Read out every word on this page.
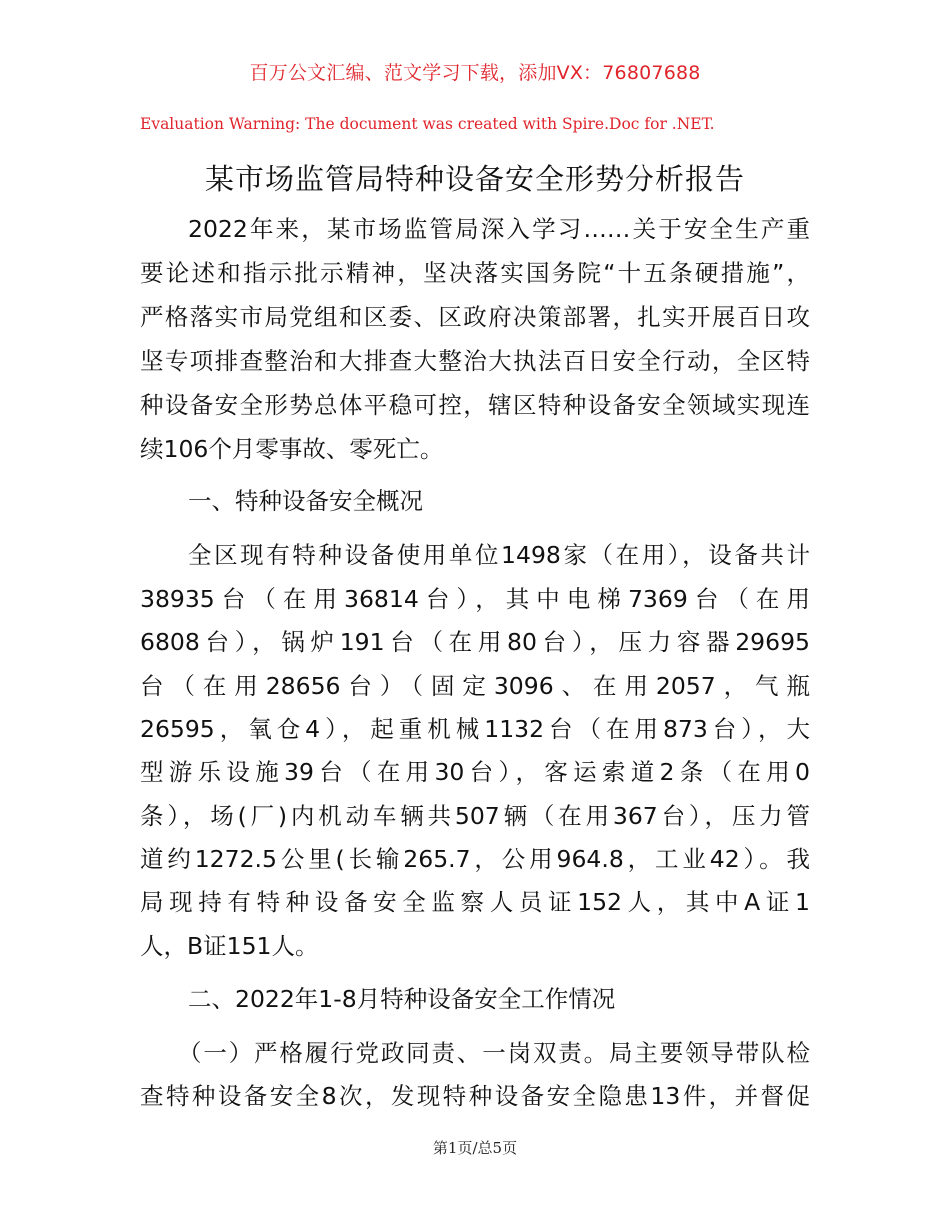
百万公文汇编、范文学习下载，添加VX：76807688
Evaluation Warning: The document was created with Spire.Doc for .NET.
某市场监管局特种设备安全形势分析报告
2022年来，某市场监管局深入学习……关于安全生产重
要论述和指示批示精神，坚决落实国务院“十五条硬措施”，
严格落实市局党组和区委、区政府决策部署，扎实开展百日攻
坚专项排查整治和大排查大整治大执法百日安全行动，全区特
种设备安全形势总体平稳可控，辖区特种设备安全领域实现连
续106个月零事故、零死亡。
一、特种设备安全概况
全区现有特种设备使用单位1498家（在用），设备共计
38935台（在用36814台），其中电梯7369台（在用
6808台），锅炉191台（在用80台），压力容器29695
台（在用28656台）（固定3096、在用2057，气瓶
26595，氧仓4），起重机械1132台（在用873台），大
型游乐设施39台（在用30台），客运索道2条（在用0
条），场(厂)内机动车辆共507辆（在用367台），压力管
道约1272.5公里(长输265.7，公用964.8，工业42）。我
局现持有特种设备安全监察人员证152人，其中A证1
人，B证151人。
二、2022年1-8月特种设备安全工作情况
（一）严格履行党政同责、一岗双责。局主要领导带队检
查特种设备安全8次，发现特种设备安全隐患13件，并督促
第1页/总5页
